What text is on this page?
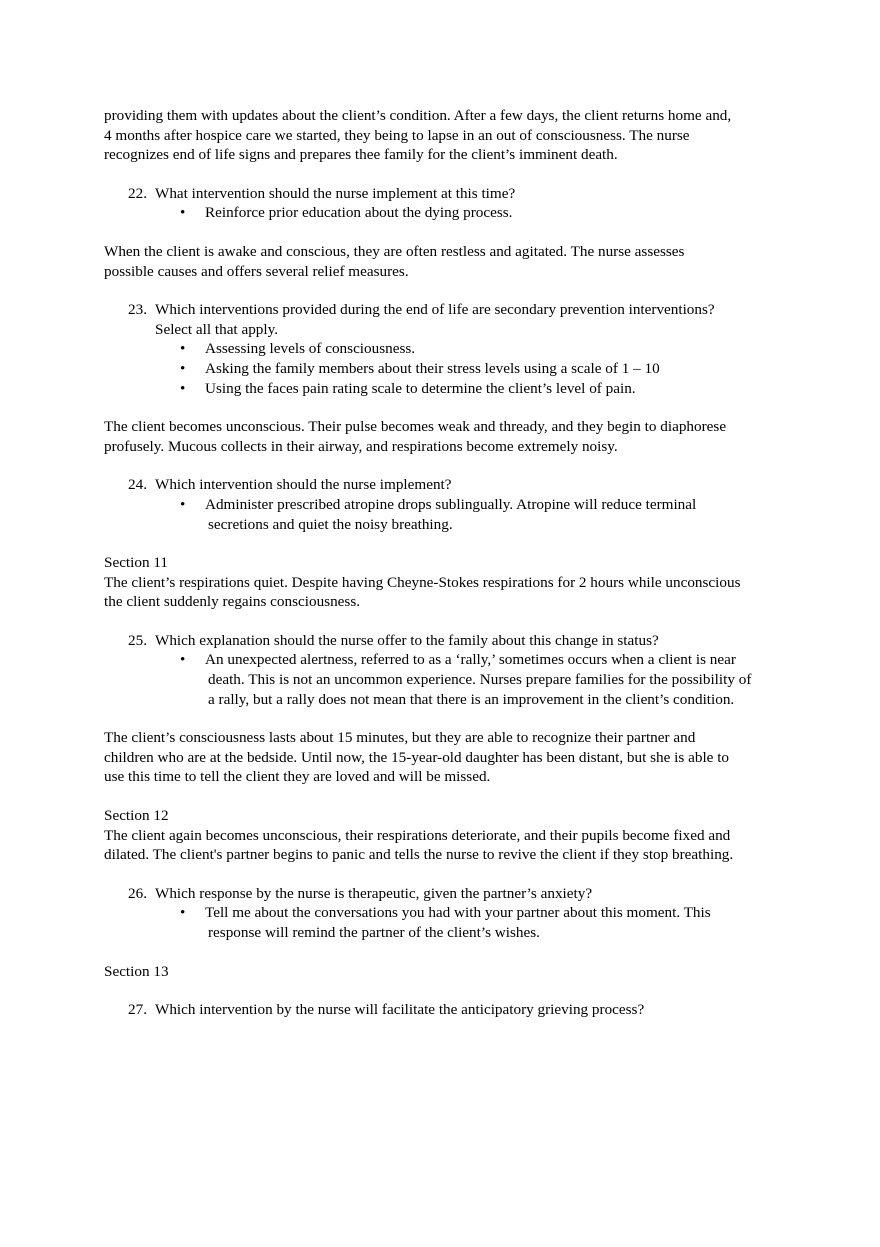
providing them with updates about the client’s condition. After a few days, the client returns home and,
4 months after hospice care we started, they being to lapse in an out of consciousness. The nurse
recognizes end of life signs and prepares thee family for the client’s imminent death.

22. What intervention should the nurse implement at this time?
• Reinforce prior education about the dying process.

When the client is awake and conscious, they are often restless and agitated. The nurse assesses
possible causes and offers several relief measures.

23. Which interventions provided during the end of life are secondary prevention interventions?
Select all that apply.
• Assessing levels of consciousness.
• Asking the family members about their stress levels using a scale of 1 – 10
• Using the faces pain rating scale to determine the client’s level of pain.

The client becomes unconscious. Their pulse becomes weak and thready, and they begin to diaphorese
profusely. Mucous collects in their airway, and respirations become extremely noisy.

24. Which intervention should the nurse implement?
• Administer prescribed atropine drops sublingually. Atropine will reduce terminal
secretions and quiet the noisy breathing.

Section 11
The client’s respirations quiet. Despite having Cheyne-Stokes respirations for 2 hours while unconscious
the client suddenly regains consciousness.

25. Which explanation should the nurse offer to the family about this change in status?
• An unexpected alertness, referred to as a ‘rally,’ sometimes occurs when a client is near
death. This is not an uncommon experience. Nurses prepare families for the possibility of
a rally, but a rally does not mean that there is an improvement in the client’s condition.

The client’s consciousness lasts about 15 minutes, but they are able to recognize their partner and
children who are at the bedside. Until now, the 15-year-old daughter has been distant, but she is able to
use this time to tell the client they are loved and will be missed.

Section 12
The client again becomes unconscious, their respirations deteriorate, and their pupils become fixed and
dilated. The client's partner begins to panic and tells the nurse to revive the client if they stop breathing.

26. Which response by the nurse is therapeutic, given the partner’s anxiety?
• Tell me about the conversations you had with your partner about this moment. This
response will remind the partner of the client’s wishes.

Section 13

27. Which intervention by the nurse will facilitate the anticipatory grieving process?
